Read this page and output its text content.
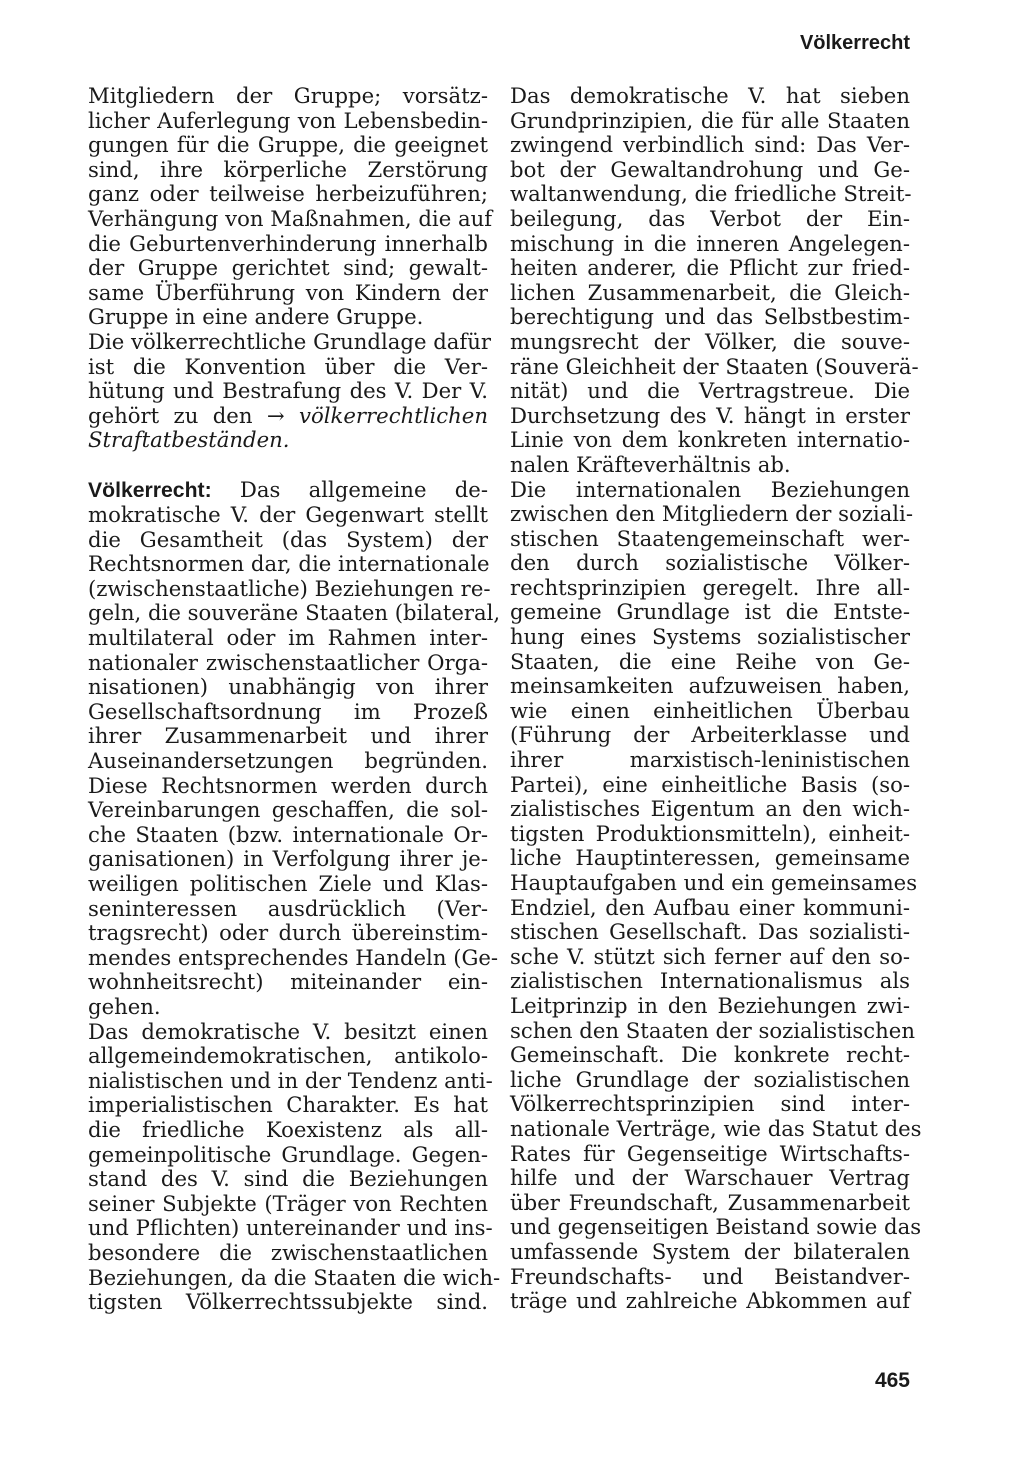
Völkerrecht
Mitgliedern der Gruppe; vorsätz-
licher Auferlegung von Lebensbedin-
gungen für die Gruppe, die geeignet
sind, ihre körperliche Zerstörung
ganz oder teilweise herbeizuführen;
Verhängung von Maßnahmen, die auf
die Geburtenverhinderung innerhalb
der Gruppe gerichtet sind; gewalt-
same Überführung von Kindern der
Gruppe in eine andere Gruppe.
Die völkerrechtliche Grundlage dafür
ist die Konvention über die Ver-
hütung und Bestrafung des V. Der V.
gehört zu den → völkerrechtlichen
Straftatbeständen.
Völkerrecht: Das allgemeine de-
mokratische V. der Gegenwart stellt
die Gesamtheit (das System) der
Rechtsnormen dar, die internationale
(zwischenstaatliche) Beziehungen re-
geln, die souveräne Staaten (bilateral,
multilateral oder im Rahmen inter-
nationaler zwischenstaatlicher Orga-
nisationen) unabhängig von ihrer
Gesellschaftsordnung im Prozeß
ihrer Zusammenarbeit und ihrer
Auseinandersetzungen begründen.
Diese Rechtsnormen werden durch
Vereinbarungen geschaffen, die sol-
che Staaten (bzw. internationale Or-
ganisationen) in Verfolgung ihrer je-
weiligen politischen Ziele und Klas-
seninteressen ausdrücklich (Ver-
tragsrecht) oder durch übereinstim-
mendes entsprechendes Handeln (Ge-
wohnheitsrecht) miteinander ein-
gehen.
Das demokratische V. besitzt einen
allgemeindemokratischen, antikolo-
nialistischen und in der Tendenz anti-
imperialistischen Charakter. Es hat
die friedliche Koexistenz als all-
gemeinpolitische Grundlage. Gegen-
stand des V. sind die Beziehungen
seiner Subjekte (Träger von Rechten
und Pflichten) untereinander und ins-
besondere die zwischenstaatlichen
Beziehungen, da die Staaten die wich-
tigsten Völkerrechtssubjekte sind.
Das demokratische V. hat sieben
Grundprinzipien, die für alle Staaten
zwingend verbindlich sind: Das Ver-
bot der Gewaltandrohung und Ge-
waltanwendung, die friedliche Streit-
beilegung, das Verbot der Ein-
mischung in die inneren Angelegen-
heiten anderer, die Pflicht zur fried-
lichen Zusammenarbeit, die Gleich-
berechtigung und das Selbstbestim-
mungsrecht der Völker, die souve-
räne Gleichheit der Staaten (Souverä-
nität) und die Vertragstreue. Die
Durchsetzung des V. hängt in erster
Linie von dem konkreten internatio-
nalen Kräfteverhältnis ab.
Die internationalen Beziehungen
zwischen den Mitgliedern der soziali-
stischen Staatengemeinschaft wer-
den durch sozialistische Völker-
rechtsprinzipien geregelt. Ihre all-
gemeine Grundlage ist die Entste-
hung eines Systems sozialistischer
Staaten, die eine Reihe von Ge-
meinsamkeiten aufzuweisen haben,
wie einen einheitlichen Überbau
(Führung der Arbeiterklasse und
ihrer marxistisch-leninistischen
Partei), eine einheitliche Basis (so-
zialistisches Eigentum an den wich-
tigsten Produktionsmitteln), einheit-
liche Hauptinteressen, gemeinsame
Hauptaufgaben und ein gemeinsames
Endziel, den Aufbau einer kommuni-
stischen Gesellschaft. Das sozialisti-
sche V. stützt sich ferner auf den so-
zialistischen Internationalismus als
Leitprinzip in den Beziehungen zwi-
schen den Staaten der sozialistischen
Gemeinschaft. Die konkrete recht-
liche Grundlage der sozialistischen
Völkerrechtsprinzipien sind inter-
nationale Verträge, wie das Statut des
Rates für Gegenseitige Wirtschafts-
hilfe und der Warschauer Vertrag
über Freundschaft, Zusammenarbeit
und gegenseitigen Beistand sowie das
umfassende System der bilateralen
Freundschafts- und Beistandver-
träge und zahlreiche Abkommen auf

465
